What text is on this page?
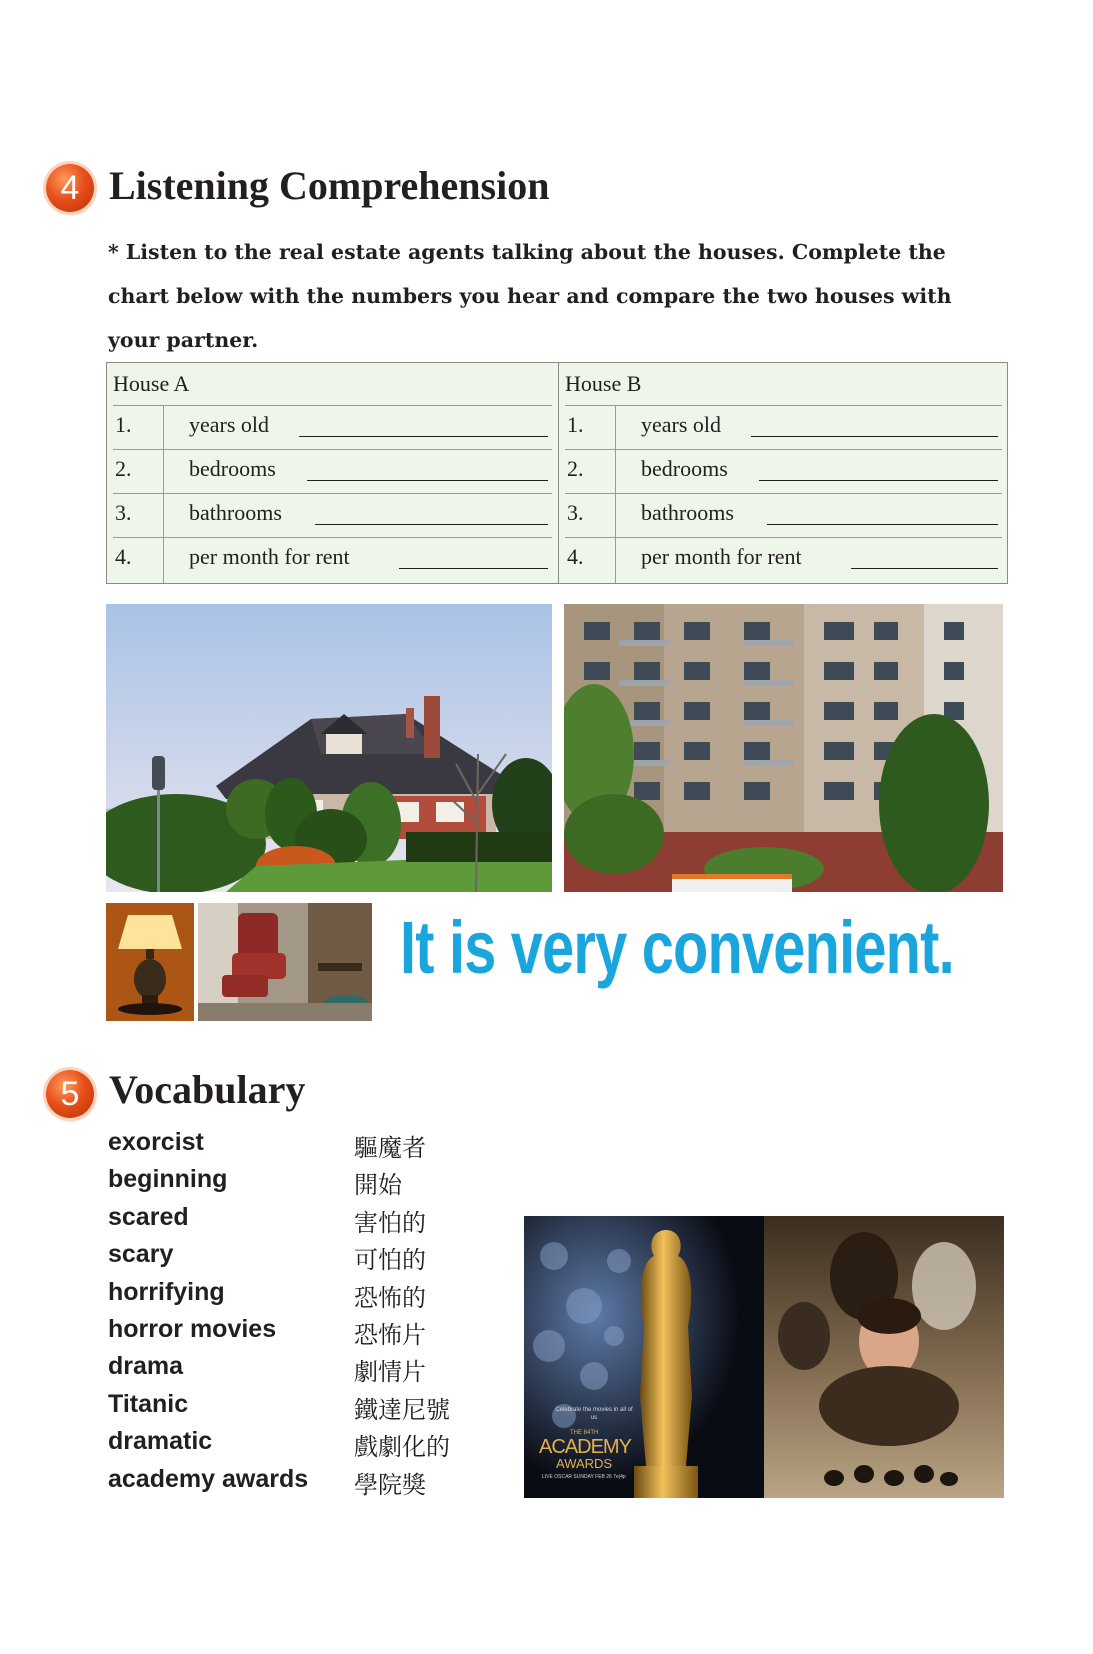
4 Listening Comprehension
* Listen to the real estate agents talking about the houses. Complete the chart below with the numbers you hear and compare the two houses with your partner.
House A
1.	years old
2.	bedrooms
3.	bathrooms
4.	per month for rent
House B
1.	years old
2.	bedrooms
3.	bathrooms
4.	per month for rent
It is very convenient.
5 Vocabulary
exorcist	驅魔者
beginning	開始
scared	害怕的
scary	可怕的
horrifying	恐怖的
horror movies	恐怖片
drama	劇情片
Titanic	鐵達尼號
dramatic	戲劇化的
academy awards 學院獎
Celebrate the movies in all of us
THE 84TH
ACADEMY
AWARDS
LIVE OSCAR SUNDAY FEB 26 7e|4p
